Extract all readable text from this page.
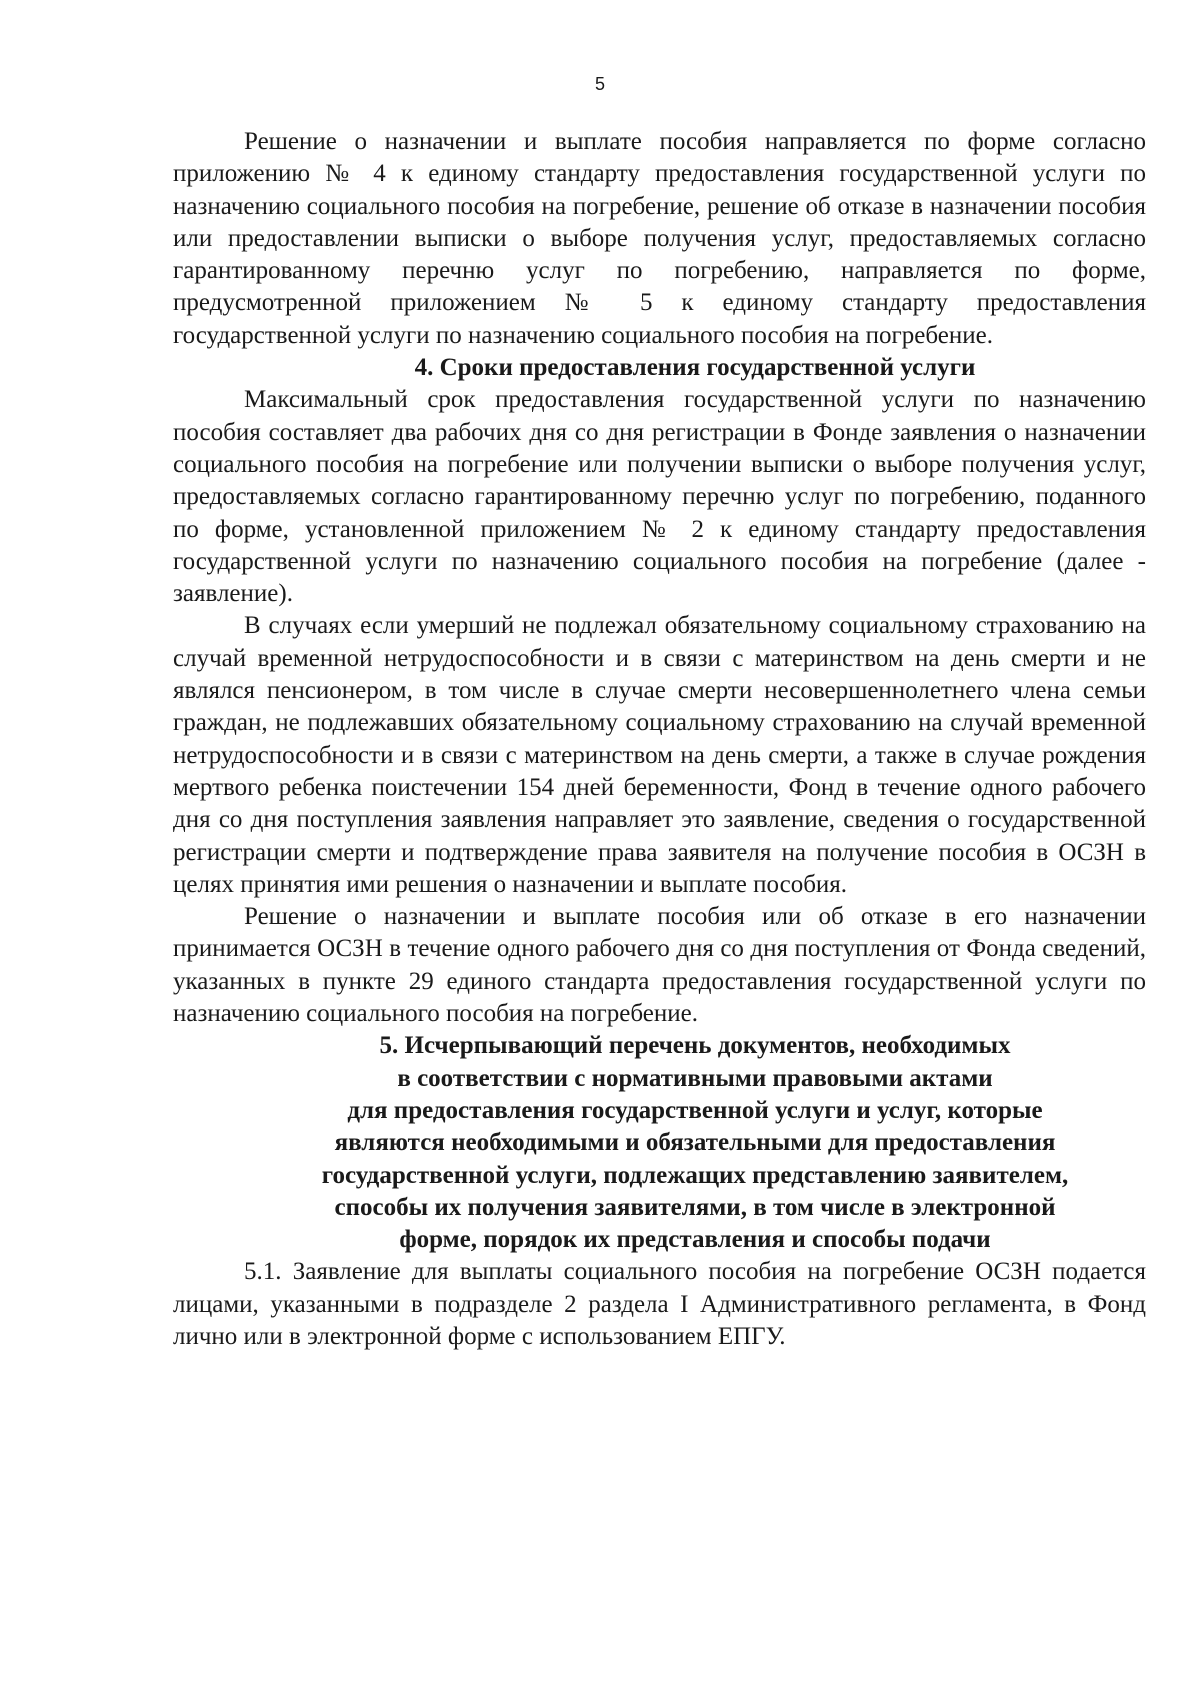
5

Решение о назначении и выплате пособия направляется по форме согласно приложению № 4 к единому стандарту предоставления государственной услуги по назначению социального пособия на погребение, решение об отказе в назначении пособия или предоставлении выписки о выборе получения услуг, предоставляемых согласно гарантированному перечню услуг по погребению, направляется по форме, предусмотренной приложением № 5 к единому стандарту предоставления государственной услуги по назначению социального пособия на погребение.

4. Сроки предоставления государственной услуги

Максимальный срок предоставления государственной услуги по назначению пособия составляет два рабочих дня со дня регистрации в Фонде заявления о назначении социального пособия на погребение или получении выписки о выборе получения услуг, предоставляемых согласно гарантированному перечню услуг по погребению, поданного по форме, установленной приложением № 2 к единому стандарту предоставления государственной услуги по назначению социального пособия на погребение (далее - заявление).

В случаях если умерший не подлежал обязательному социальному страхованию на случай временной нетрудоспособности и в связи с материнством на день смерти и не являлся пенсионером, в том числе в случае смерти несовершеннолетнего члена семьи граждан, не подлежавших обязательному социальному страхованию на случай временной нетрудоспособности и в связи с материнством на день смерти, а также в случае рождения мертвого ребенка поистечении 154 дней беременности, Фонд в течение одного рабочего дня со дня поступления заявления направляет это заявление, сведения о государственной регистрации смерти и подтверждение права заявителя на получение пособия в ОСЗН в целях принятия ими решения о назначении и выплате пособия.

Решение о назначении и выплате пособия или об отказе в его назначении принимается ОСЗН в течение одного рабочего дня со дня поступления от Фонда сведений, указанных в пункте 29 единого стандарта предоставления государственной услуги по назначению социального пособия на погребение.

5. Исчерпывающий перечень документов, необходимых
в соответствии с нормативными правовыми актами
для предоставления государственной услуги и услуг, которые
являются необходимыми и обязательными для предоставления
государственной услуги, подлежащих представлению заявителем,
способы их получения заявителями, в том числе в электронной
форме, порядок их представления и способы подачи

5.1. Заявление для выплаты социального пособия на погребение ОСЗН подается лицами, указанными в подразделе 2 раздела I Административного регламента, в Фонд лично или в электронной форме с использованием ЕПГУ.
